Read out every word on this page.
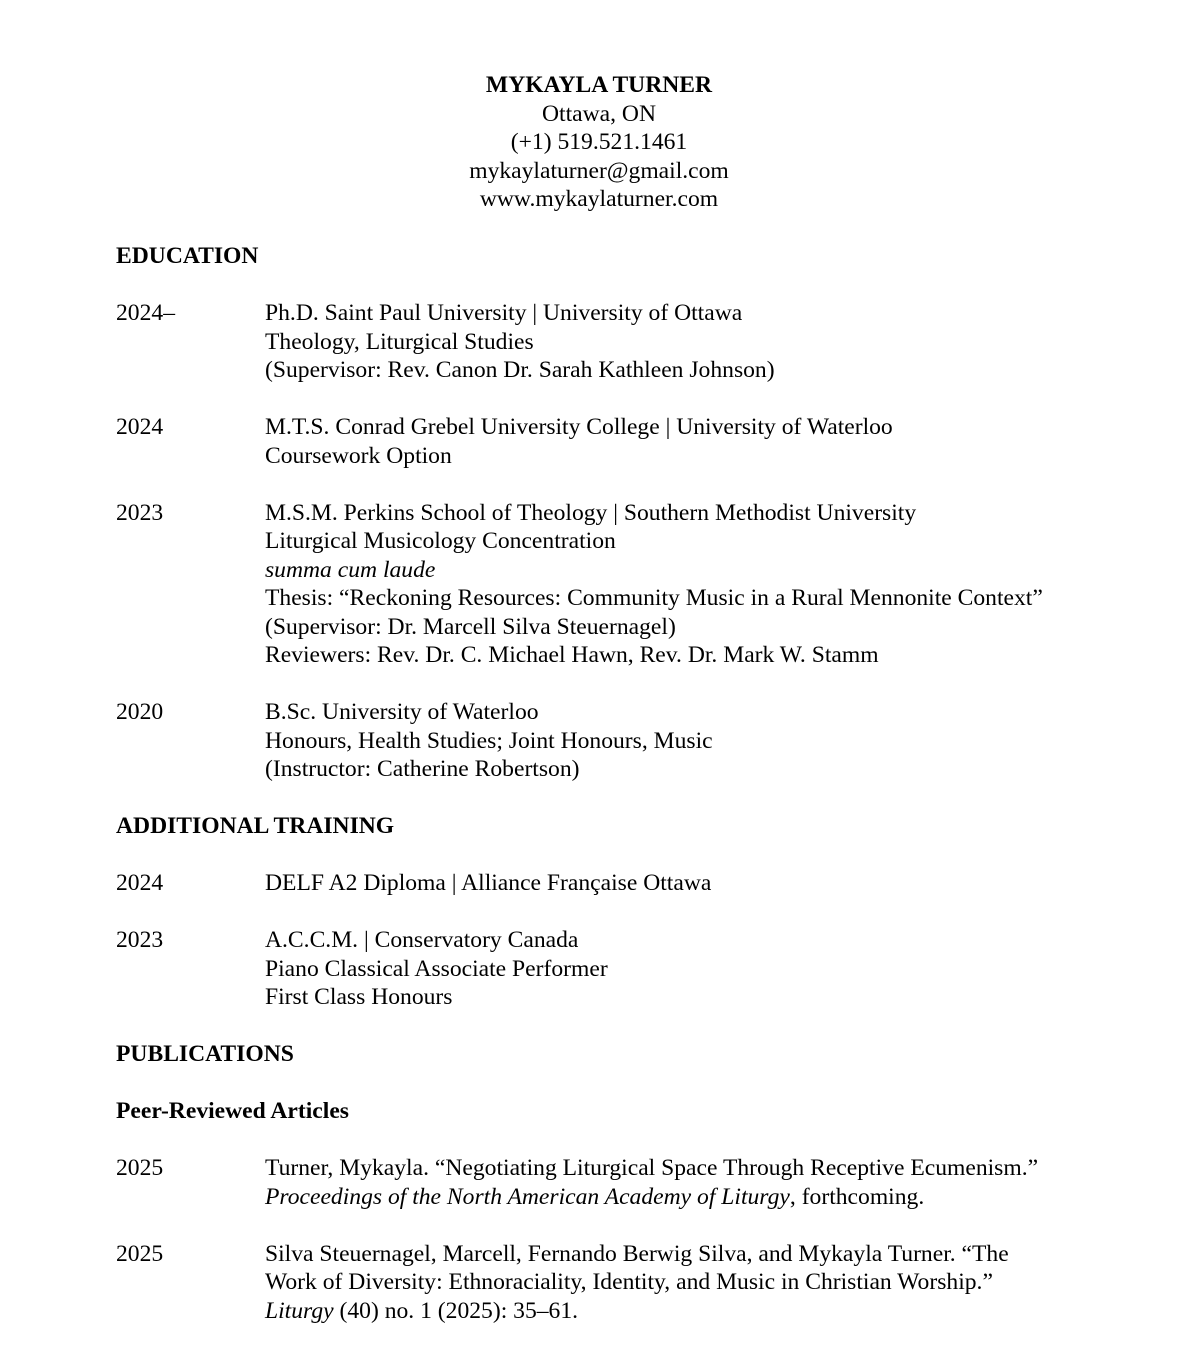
MYKAYLA TURNER
Ottawa, ON
(+1) 519.521.1461
mykaylaturner@gmail.com
www.mykaylaturner.com
EDUCATION
2024–	Ph.D. Saint Paul University | University of Ottawa
Theology, Liturgical Studies
(Supervisor: Rev. Canon Dr. Sarah Kathleen Johnson)
2024	M.T.S. Conrad Grebel University College | University of Waterloo
Coursework Option
2023	M.S.M. Perkins School of Theology | Southern Methodist University
Liturgical Musicology Concentration
summa cum laude
Thesis: “Reckoning Resources: Community Music in a Rural Mennonite Context”
(Supervisor: Dr. Marcell Silva Steuernagel)
Reviewers: Rev. Dr. C. Michael Hawn, Rev. Dr. Mark W. Stamm
2020	B.Sc. University of Waterloo
Honours, Health Studies; Joint Honours, Music
(Instructor: Catherine Robertson)
ADDITIONAL TRAINING
2024	DELF A2 Diploma | Alliance Française Ottawa
2023	A.C.C.M. | Conservatory Canada
Piano Classical Associate Performer
First Class Honours
PUBLICATIONS
Peer-Reviewed Articles
2025	Turner, Mykayla. “Negotiating Liturgical Space Through Receptive Ecumenism.”
Proceedings of the North American Academy of Liturgy, forthcoming.
2025	Silva Steuernagel, Marcell, Fernando Berwig Silva, and Mykayla Turner. “The
Work of Diversity: Ethnoraciality, Identity, and Music in Christian Worship.”
Liturgy (40) no. 1 (2025): 35–61.
